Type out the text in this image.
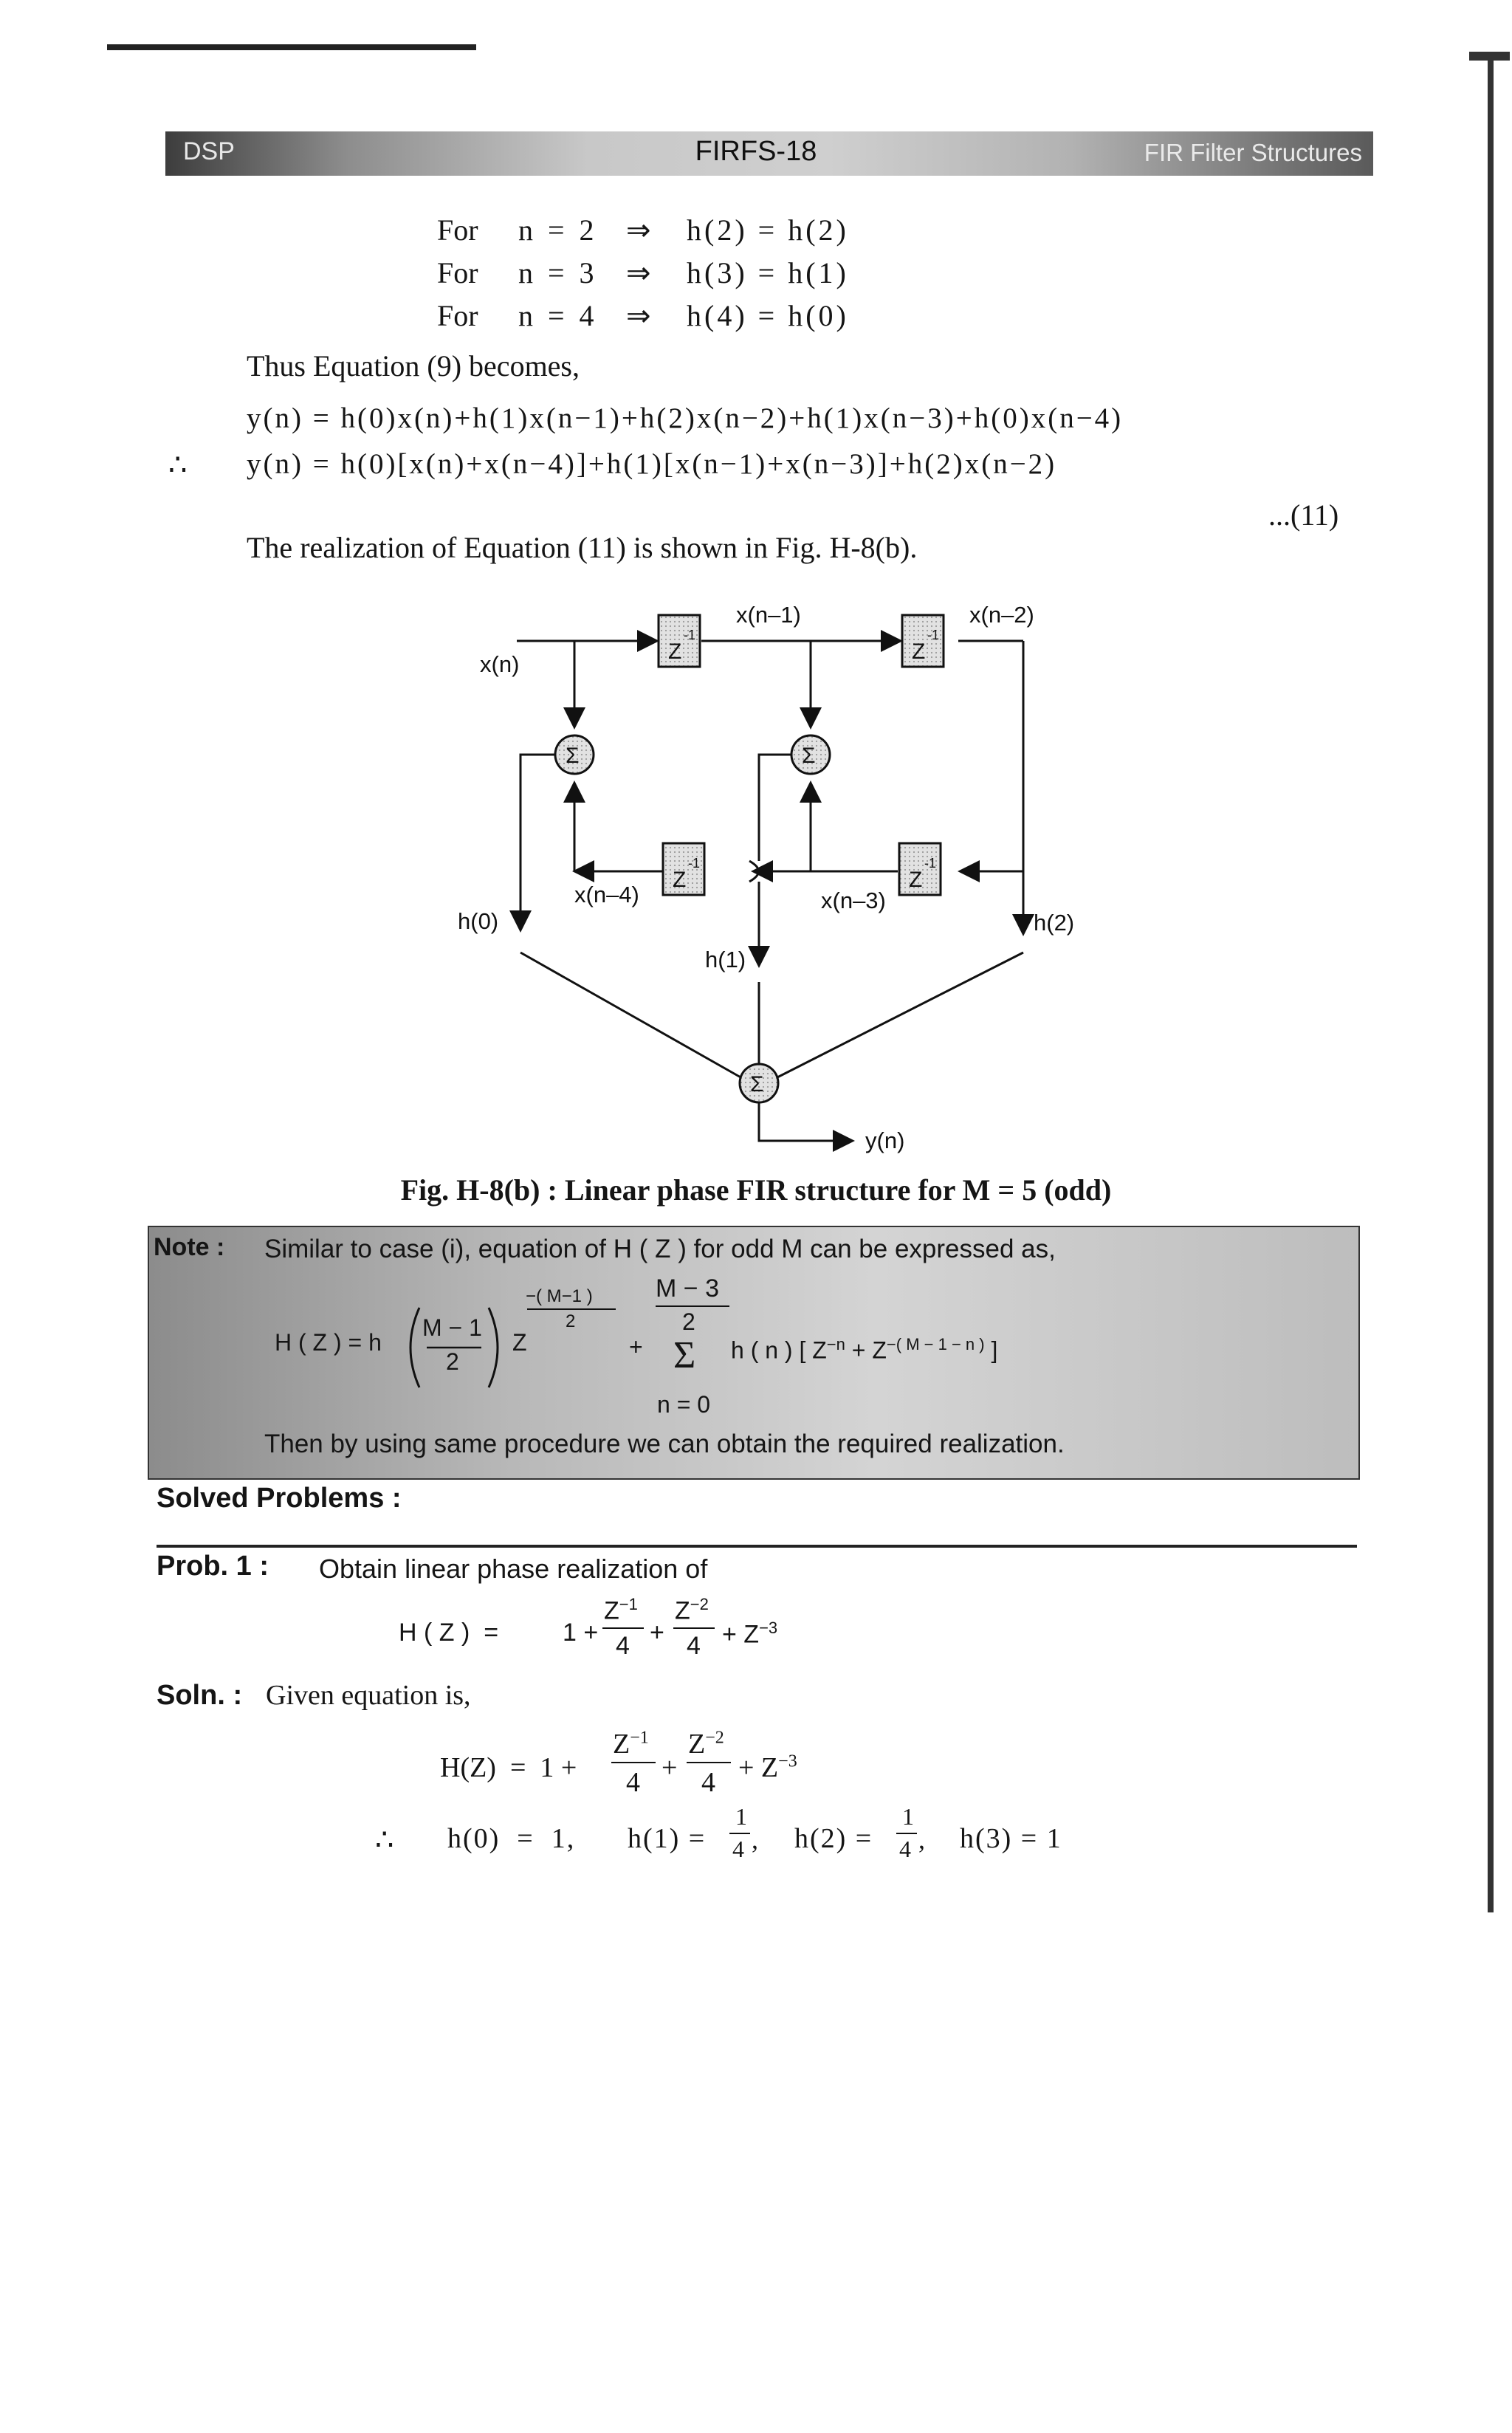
DSP	FIRFS-18	FIR Filter Structures
For n  =  2 ⇒ h(2) = h(2)
For n  =  3 ⇒ h(3) = h(1)
For n  =  4 ⇒ h(4) = h(0)
Thus Equation (9) becomes,
y(n) = h(0)x(n)+h(1)x(n−1)+h(2)x(n−2)+h(1)x(n−3)+h(0)x(n−4)
∴ y(n) = h(0)[x(n)+x(n−4)]+h(1)[x(n−1)+x(n−3)]+h(2)x(n−2)
...(11)
The realization of Equation (11) is shown in Fig. H-8(b).
Z
-1
Z
-1
Z
-1
Z
-1
Σ	Σ
Σ
x(n)
x(n–1)	x(n–2)
x(n–3)
x(n–4)
h(0)
h(1)
h(2)
y(n)
Fig. H-8(b) : Linear phase FIR structure for M = 5 (odd)
Note : Similar to case (i), equation of H ( Z ) for odd M can be expressed as,
H ( Z ) = h
M − 1
2
Z
−( M−1 )
2
+
M − 3
2
Σ
n = 0
h ( n ) [ $Z^{-n} + Z^{-( M - 1 - n )}$ ]
Then by using same procedure we can obtain the required realization.
Solved Problems :
Prob. 1 : Obtain linear phase realization of
H ( Z )  =	1 +
$Z^{-1}$
4 +
$Z^{-2}$
$4 + Z^{-3}$
Soln. : Given equation is,
H(Z)  =  1 +
$Z^{-1}$
4 +
$Z^{-2}$
$4 + Z^{-3}$
∴ h(0)  =  1, h(1) =
1
4 , h(2) =
1
4 , h(3) = 1
